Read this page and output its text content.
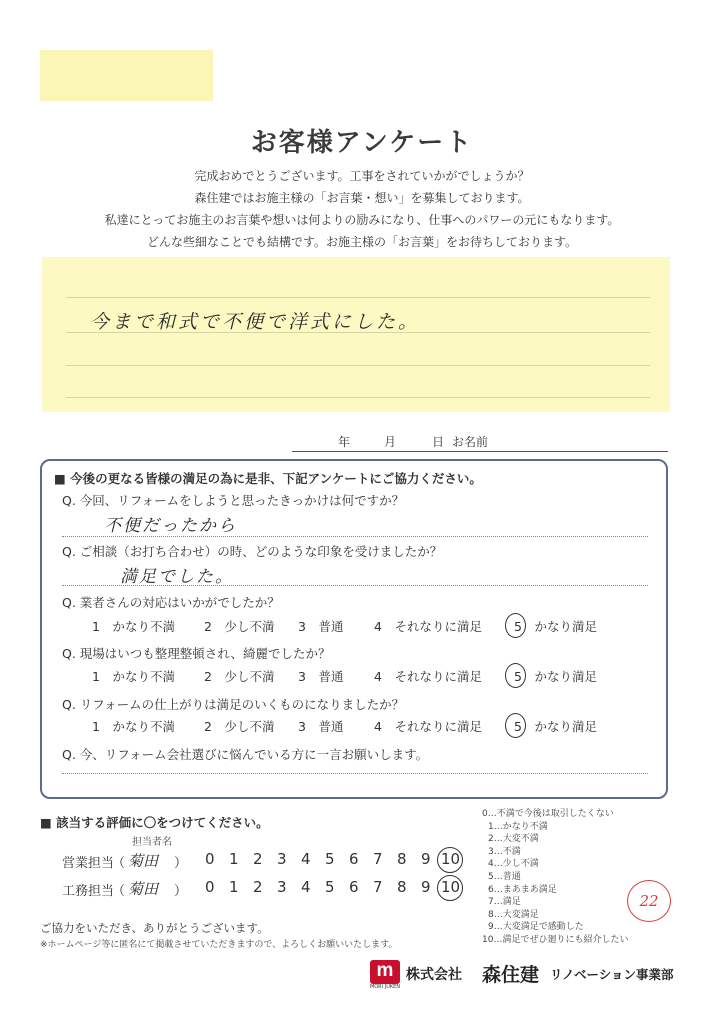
お客様アンケート
完成おめでとうございます。工事をされていかがでしょうか？
森住建ではお施主様の「お言葉・想い」を募集しております。
私達にとってお施主のお言葉や想いは何よりの励みになり、仕事へのパワーの元にもなります。
どんな些細なことでも結構です。お施主様の「お言葉」をお待ちしております。
今まで和式で不便で洋式にした。
年	月	日 お名前
■ 今後の更なる皆様の満足の為に是非、下記アンケートにご協力ください。
Q. 今回、リフォームをしようと思ったきっかけは何ですか？
不便だったから
Q. ご相談（お打ち合わせ）の時、どのような印象を受けましたか？
満足でした。
Q. 業者さんの対応はいかがでしたか？
1　かなり不満 2　少し不満 3　普通 4　それなりに満足	5　かなり満足
Q. 現場はいつも整理整頓され、綺麗でしたか？
1　かなり不満 2　少し不満 3　普通 4　それなりに満足	5　かなり満足
Q. リフォームの仕上がりは満足のいくものになりましたか？
1　かなり不満 2　少し不満 3　普通 4　それなりに満足	5　かなり満足
Q. 今、リフォーム会社選びに悩んでいる方に一言お願いします。
■ 該当する評価に〇をつけてください。
担当者名
営業担当
（ 菊田 ） 0 1 2 3 4 5 6 7 8 9 10
工務担当
（ 菊田 ） 0 1 2 3 4 5 6 7 8 9 10
0…不満で今後は取引したくない
1…かなり不満
2…大変不満
3…不満
4…少し不満
5…普通
6…まあまあ満足
7…満足
8…大変満足
9…大変満足で感動した
10…満足でぜひ廻りにも紹介したい
22
ご協力をいただき、ありがとうございます。
※ホームページ等に匿名にて掲載させていただきますので、よろしくお願いいたします。
m
MORI JUKEN
株式会社 森住建 リノベーション事業部
